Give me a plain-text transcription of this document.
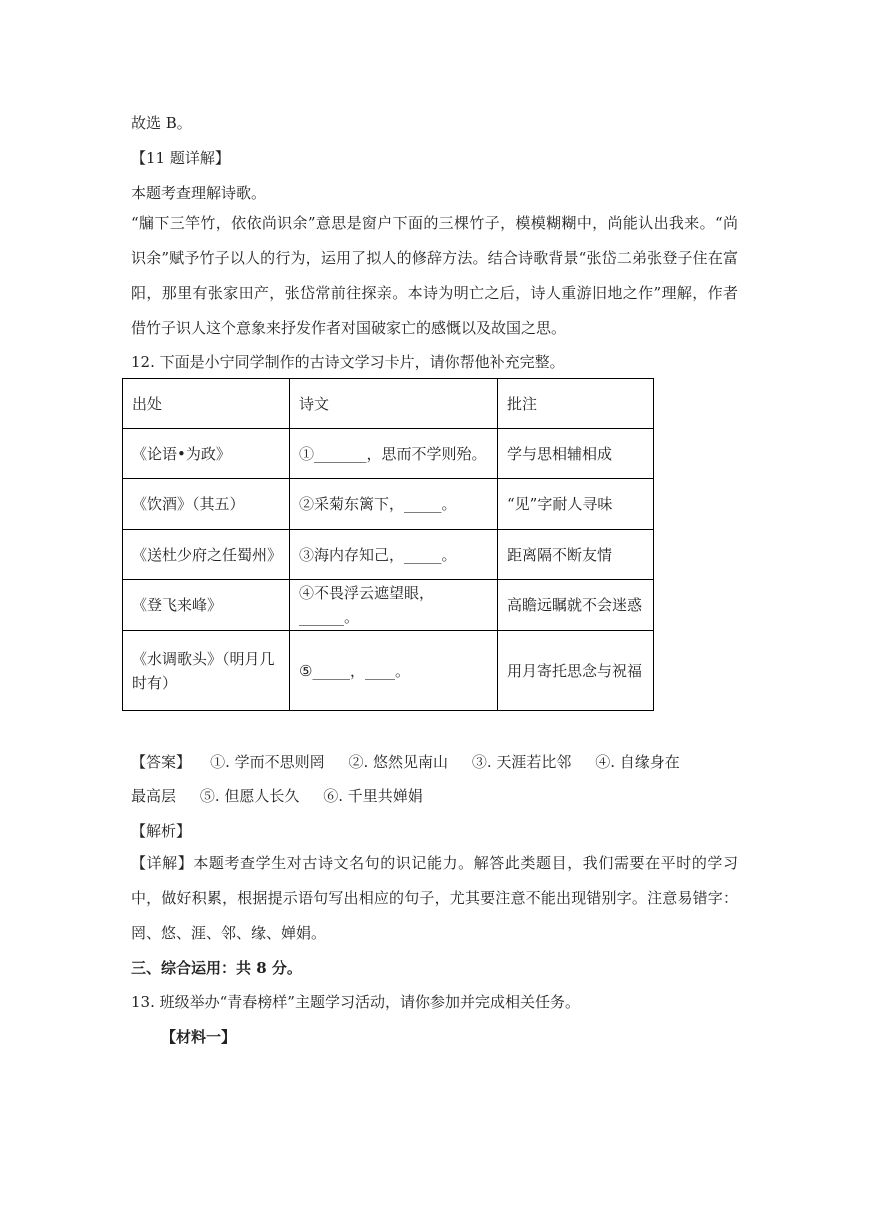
故选 B。
【11 题详解】
本题考查理解诗歌。
“牖下三竿竹，依依尚识余”意思是窗户下面的三棵竹子，模模糊糊中，尚能认出我来。“尚识余”赋予竹子以人的行为，运用了拟人的修辞方法。结合诗歌背景“张岱二弟张登子住在富阳，那里有张家田产，张岱常前往探亲。本诗为明亡之后，诗人重游旧地之作”理解，作者借竹子识人这个意象来抒发作者对国破家亡的感慨以及故国之思。
12. 下面是小宁同学制作的古诗文学习卡片，请你帮他补充完整。
出处	诗文	批注
《论语•为政》	①_______，思而不学则殆。	学与思相辅相成
《饮酒》（其五）	②采菊东篱下，_____。	“见”字耐人寻味
《送杜少府之任蜀州》	③海内存知己，_____。	距离隔不断友情
《登飞来峰》	④不畏浮云遮望眼，______。	高瞻远瞩就不会迷惑
《水调歌头》（明月几时有）	⑤_____，____。	用月寄托思念与祝福
【答案】    ①. 学而不思则罔     ②. 悠然见南山     ③. 天涯若比邻     ④. 自缘身在
最高层     ⑤. 但愿人长久     ⑥. 千里共婵娟
【解析】
【详解】本题考查学生对古诗文名句的识记能力。解答此类题目，我们需要在平时的学习中，做好积累，根据提示语句写出相应的句子，尤其要注意不能出现错别字。注意易错字：罔、悠、涯、邻、缘、婵娟。
三、综合运用：共 8 分。
13. 班级举办“青春榜样”主题学习活动，请你参加并完成相关任务。
【材料一】
